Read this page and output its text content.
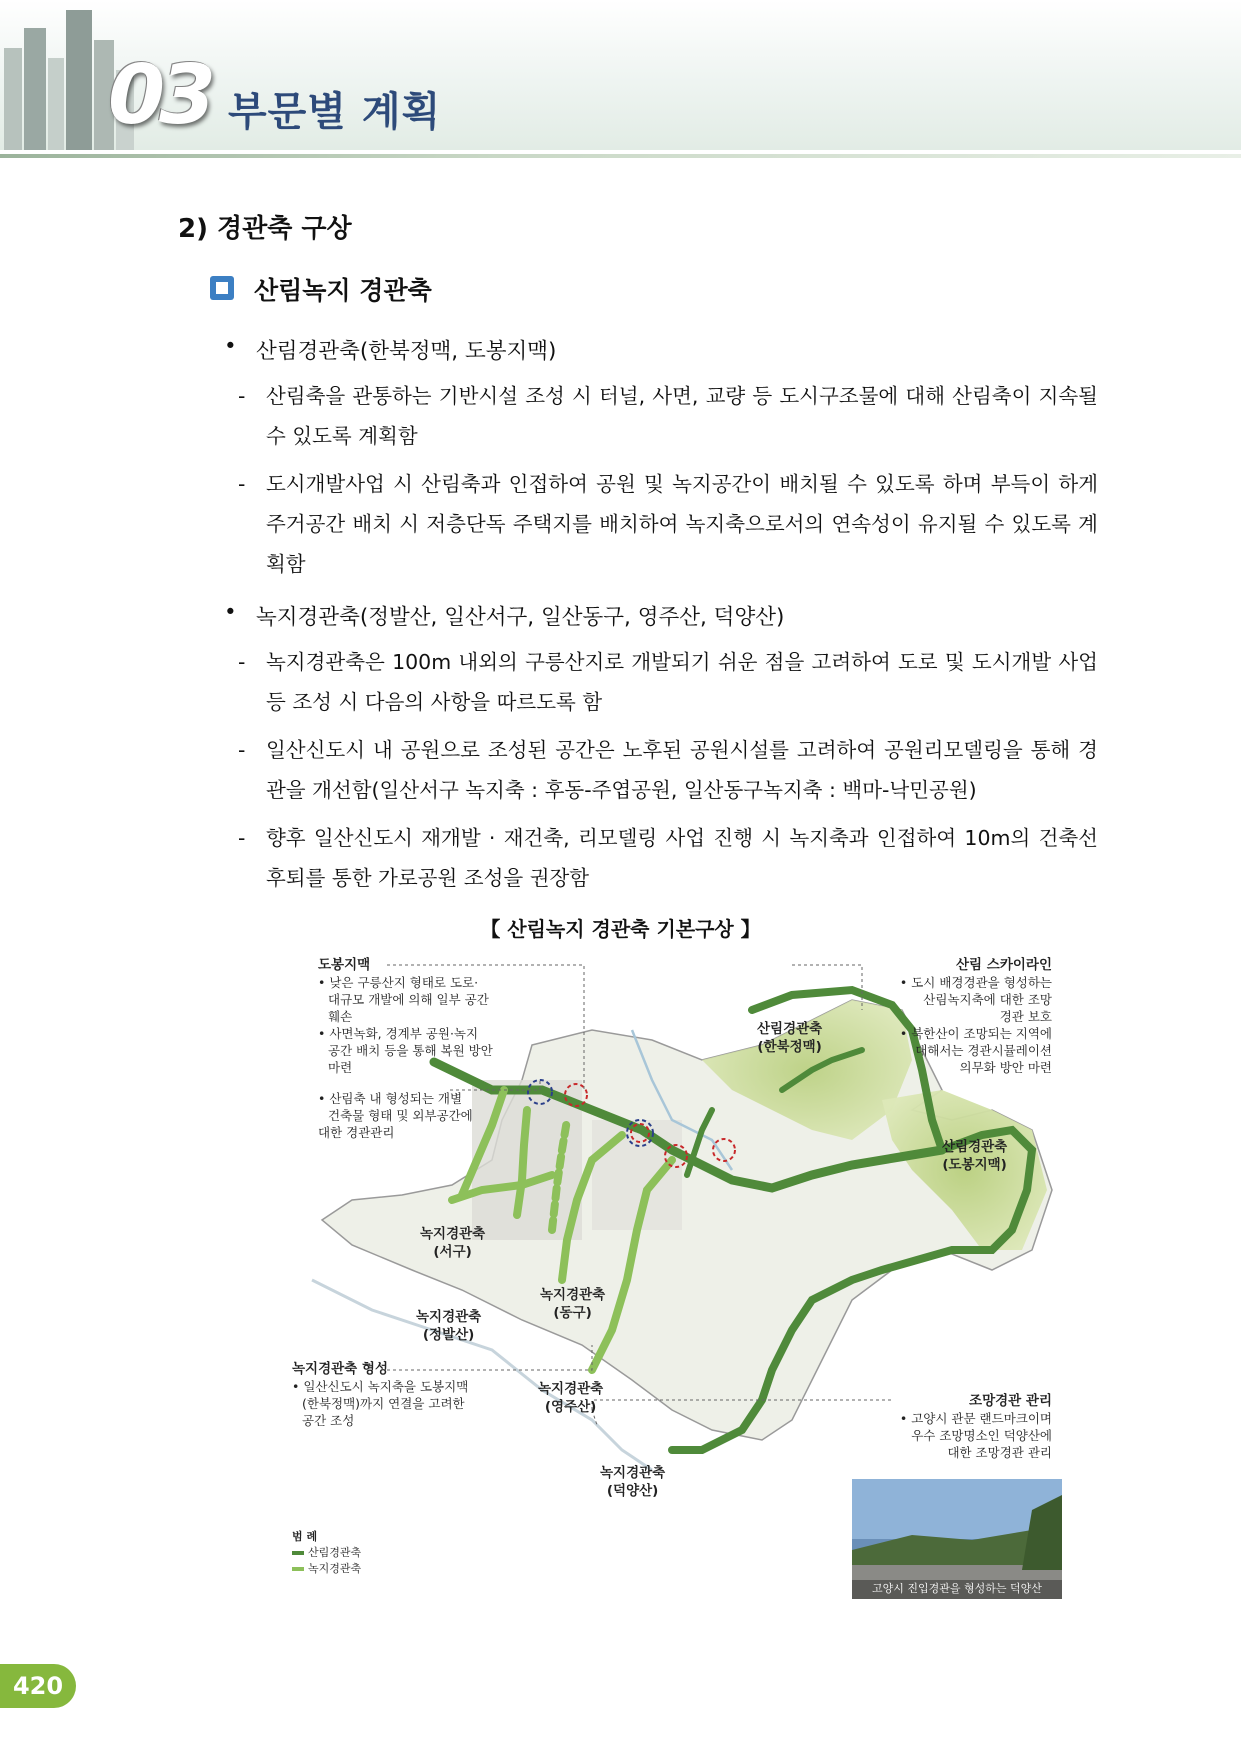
03 부문별 계획
2) 경관축 구상
산림녹지 경관축
• 산림경관축(한북정맥, 도봉지맥)
-	산림축을 관통하는 기반시설 조성 시 터널, 사면, 교량 등 도시구조물에 대해 산림축이 지속될 수 있도록 계획함
-	도시개발사업 시 산림축과 인접하여 공원 및 녹지공간이 배치될 수 있도록 하며 부득이 하게 주거공간 배치 시 저층단독 주택지를 배치하여 녹지축으로서의 연속성이 유지될 수 있도록 계획함
• 녹지경관축(정발산, 일산서구, 일산동구, 영주산, 덕양산)
-	녹지경관축은 100m 내외의 구릉산지로 개발되기 쉬운 점을 고려하여 도로 및 도시개발 사업 등 조성 시 다음의 사항을 따르도록 함
-	일산신도시 내 공원으로 조성된 공간은 노후된 공원시설를 고려하여 공원리모델링을 통해 경관을 개선함(일산서구 녹지축 : 후동-주엽공원, 일산동구녹지축 : 백마-낙민공원)
-	향후 일산신도시 재개발 · 재건축, 리모델링 사업 진행 시 녹지축과 인접하여 10m의 건축선 후퇴를 통한 가로공원 조성을 권장함
【 산림녹지 경관축 기본구상 】
도봉지맥
• 낮은 구릉산지 형태로 도로·
대규모 개발에 의해 일부 공간
훼손
• 사면녹화, 경계부 공원·녹지
공간 배치 등을 통해 복원 방안
마련
• 산림축 내 형성되는 개별
건축물 형태 및 외부공간에
대한 경관관리
산림 스카이라인
• 도시 배경경관을 형성하는
산림녹지축에 대한 조망
경관 보호
• 북한산이 조망되는 지역에
대해서는 경관시뮬레이션
의무화 방안 마련
녹지경관축 형성
• 일산신도시 녹지축을 도봉지맥
(한북정맥)까지 연결을 고려한
공간 조성
조망경관 관리
• 고양시 관문 랜드마크이며
우수 조망명소인 덕양산에
대한 조망경관 관리
산림경관축
(한북정맥)
산림경관축
(도봉지맥)
녹지경관축
(서구)
녹지경관축
(동구)
녹지경관축
(정발산)
녹지경관축
(영주산)
녹지경관축
(덕양산)
범 례
산림경관축
녹지경관축
고양시 진입경관을 형성하는 덕양산
420
